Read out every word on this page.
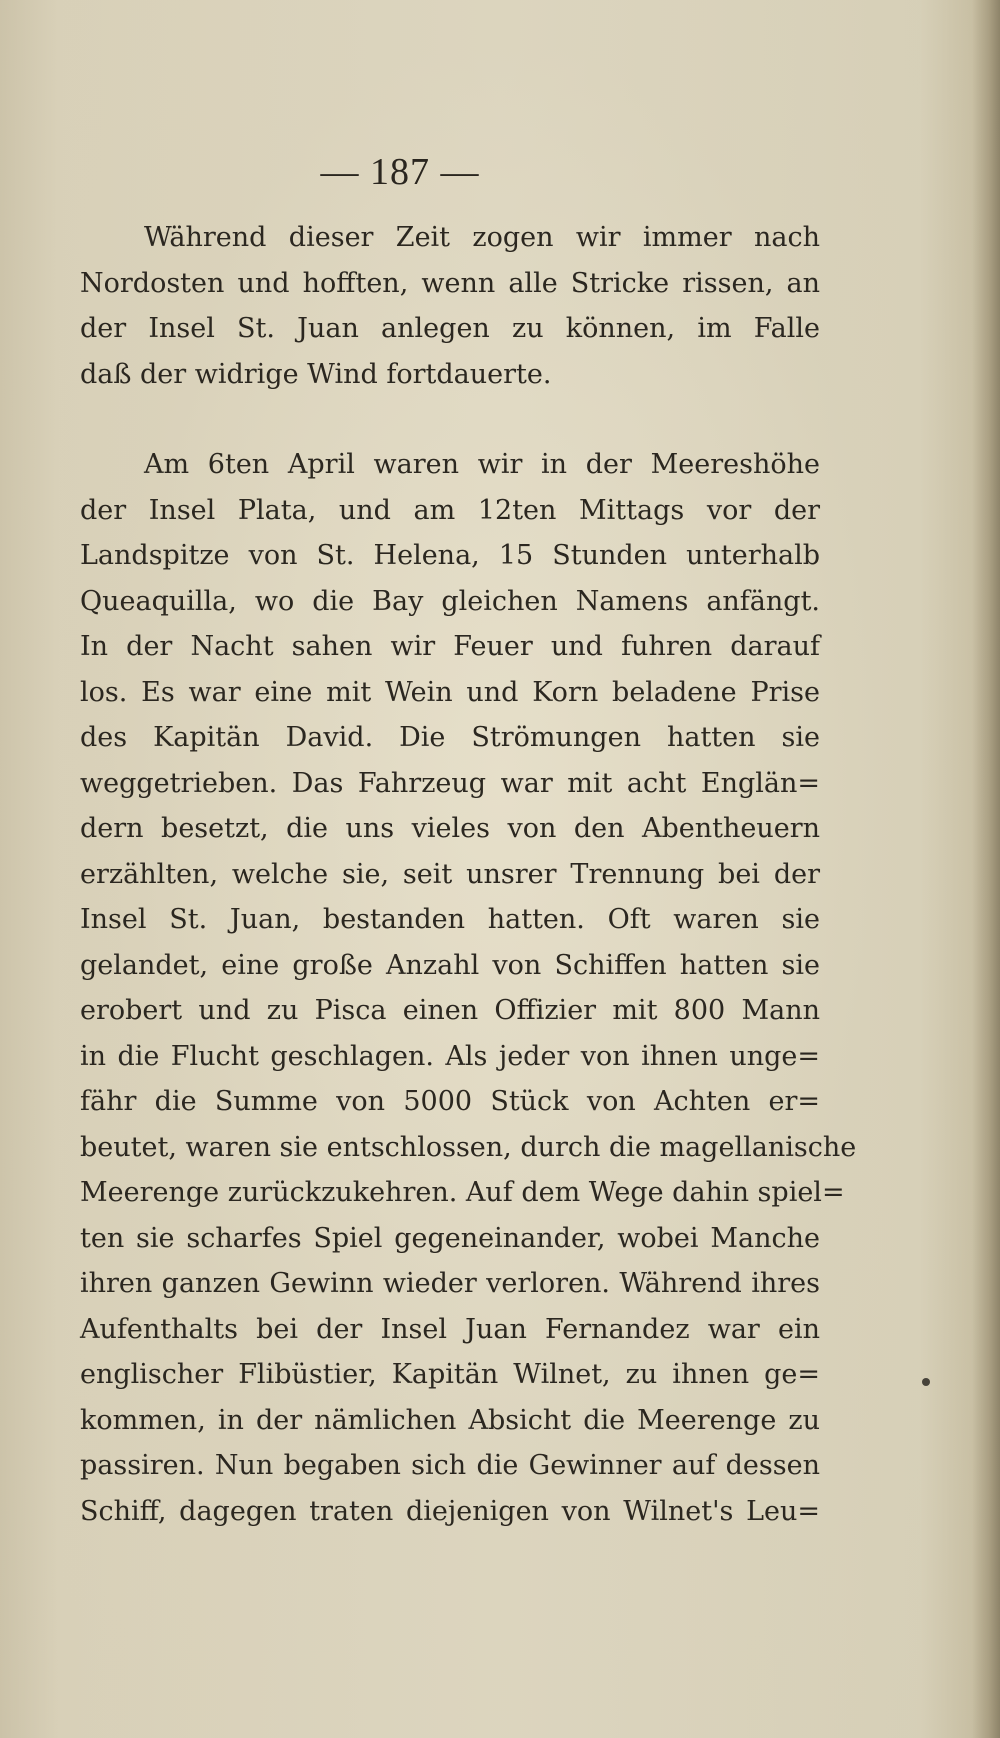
— 187 —
Während dieser Zeit zogen wir immer nach
Nordosten und hofften, wenn alle Stricke rissen, an
der Insel St. Juan anlegen zu können, im Falle
daß der widrige Wind fortdauerte.
Am 6ten April waren wir in der Meereshöhe
der Insel Plata, und am 12ten Mittags vor der
Landspitze von St. Helena, 15 Stunden unterhalb
Queaquilla, wo die Bay gleichen Namens anfängt.
In der Nacht sahen wir Feuer und fuhren darauf
los. Es war eine mit Wein und Korn beladene Prise
des Kapitän David. Die Strömungen hatten sie
weggetrieben. Das Fahrzeug war mit acht Englän=
dern besetzt, die uns vieles von den Abentheuern
erzählten, welche sie, seit unsrer Trennung bei der
Insel St. Juan, bestanden hatten. Oft waren sie
gelandet, eine große Anzahl von Schiffen hatten sie
erobert und zu Pisca einen Offizier mit 800 Mann
in die Flucht geschlagen. Als jeder von ihnen unge=
fähr die Summe von 5000 Stück von Achten er=
beutet, waren sie entschlossen, durch die magellanische
Meerenge zurückzukehren. Auf dem Wege dahin spiel=
ten sie scharfes Spiel gegeneinander, wobei Manche
ihren ganzen Gewinn wieder verloren. Während ihres
Aufenthalts bei der Insel Juan Fernandez war ein
englischer Flibüstier, Kapitän Wilnet, zu ihnen ge=
kommen, in der nämlichen Absicht die Meerenge zu
passiren. Nun begaben sich die Gewinner auf dessen
Schiff, dagegen traten diejenigen von Wilnet's Leu=
